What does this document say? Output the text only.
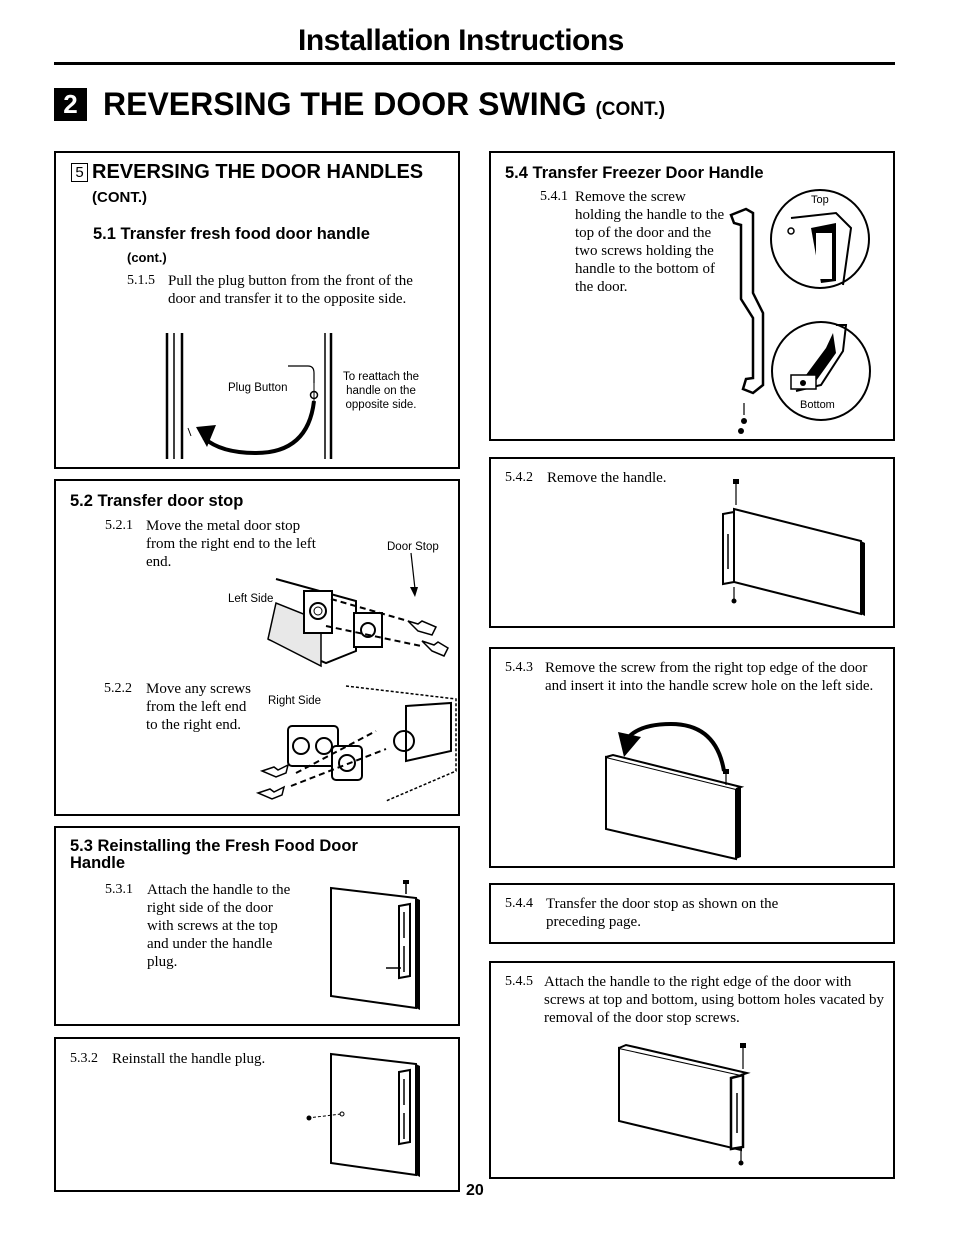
Installation Instructions
2 REVERSING THE DOOR SWING (CONT.)
5 REVERSING THE DOOR HANDLES
(CONT.)
5.1 Transfer fresh food door handle
(cont.)
5.1.5 Pull the plug button from the front of the door and transfer it to the opposite side.
Plug Button
To reattach the handle on the opposite side.
5.2 Transfer door stop
5.2.1 Move the metal door stop from the right end to the left end.
Door Stop
Left Side
5.2.2 Move any screws from the left end to the right end.
Right Side
5.3 Reinstalling the Fresh Food Door Handle
5.3.1 Attach the handle to the right side of the door with screws at the top and under the handle plug.
5.3.2 Reinstall the handle plug.
5.4 Transfer Freezer Door Handle
5.4.1 Remove the screw holding the handle to the top of the door and the two screws holding the handle to the bottom of the door.
Top
Bottom
5.4.2 Remove the handle.
5.4.3 Remove the screw from the right top edge of the door and insert it into the handle screw hole on the left side.
5.4.4 Transfer the door stop as shown on the preceding page.
5.4.5 Attach the handle to the right edge of the door with screws at top and bottom, using bottom holes vacated by removal of the door stop screws.
20
